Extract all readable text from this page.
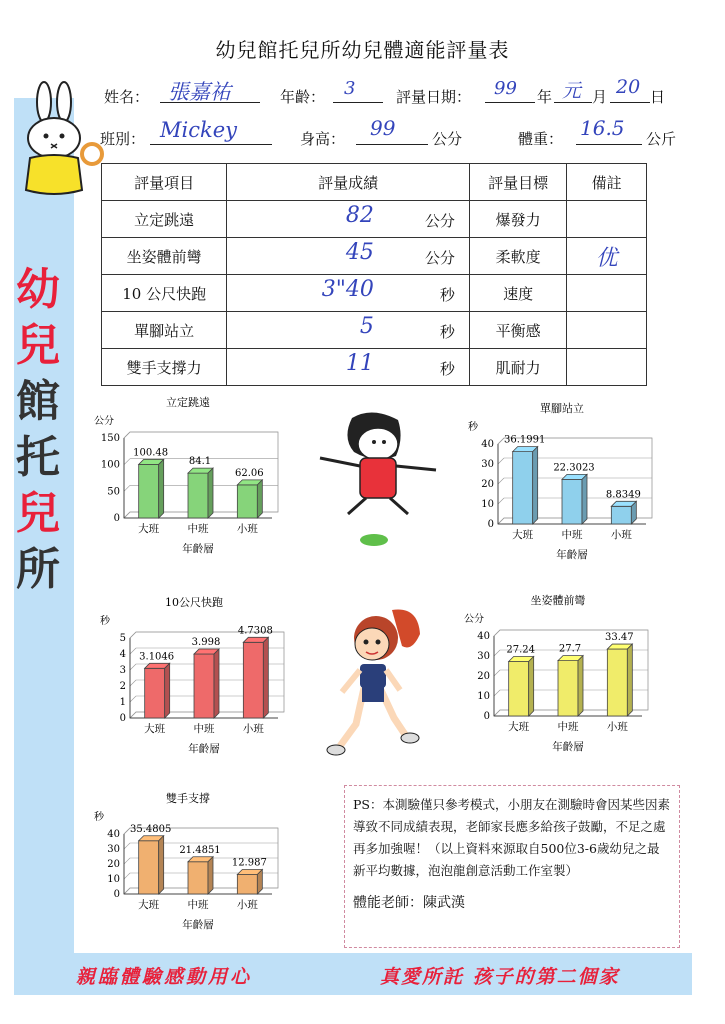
幼
兒
館
托
兒
所
幼兒館托兒所幼兒體適能評量表
姓名： 張嘉祐	年齡： 3	評量日期： 99 年 元 月 20 日
班別： Mickey	身高： 99 公分	體重： 16.5 公斤
評量項目	評量成績	評量目標	備註
立定跳遠	82 公分	爆發力	
坐姿體前彎	45 公分	柔軟度	优
10 公尺快跑	3"40 秒	速度	
單腳站立	5 秒	平衡感	
雙手支撐力	11 秒	肌耐力	
立定跳遠
公分
0
50
100
150
100.48
大班
84.1
中班
62.06
小班
年齡層
單腳站立
秒
0
10
20
30
40 36.1991
大班
22.3023
中班
8.8349
小班
年齡層
10公尺快跑
秒
0
1
2
3
4
5
3.1046
大班
3.998
中班
4.7308
小班
年齡層
坐姿體前彎
公分
0
10
20
30
40
27.24
大班
27.7
中班
33.47
小班
年齡層
雙手支撐
秒
0
10
20
30
40 35.4805
大班
21.4851
中班
12.987
小班
年齡層
PS：本測驗僅只參考模式，小朋友在測驗時會因某些因素導致不同成績表現，老師家長應多給孩子鼓勵，不足之處再多加強喔！（以上資料來源取自500位3-6歲幼兒之最新平均數據，泡泡龍創意活動工作室製）
體能老師：陳武漢
親臨體驗感動用心	真愛所託 孩子的第二個家
